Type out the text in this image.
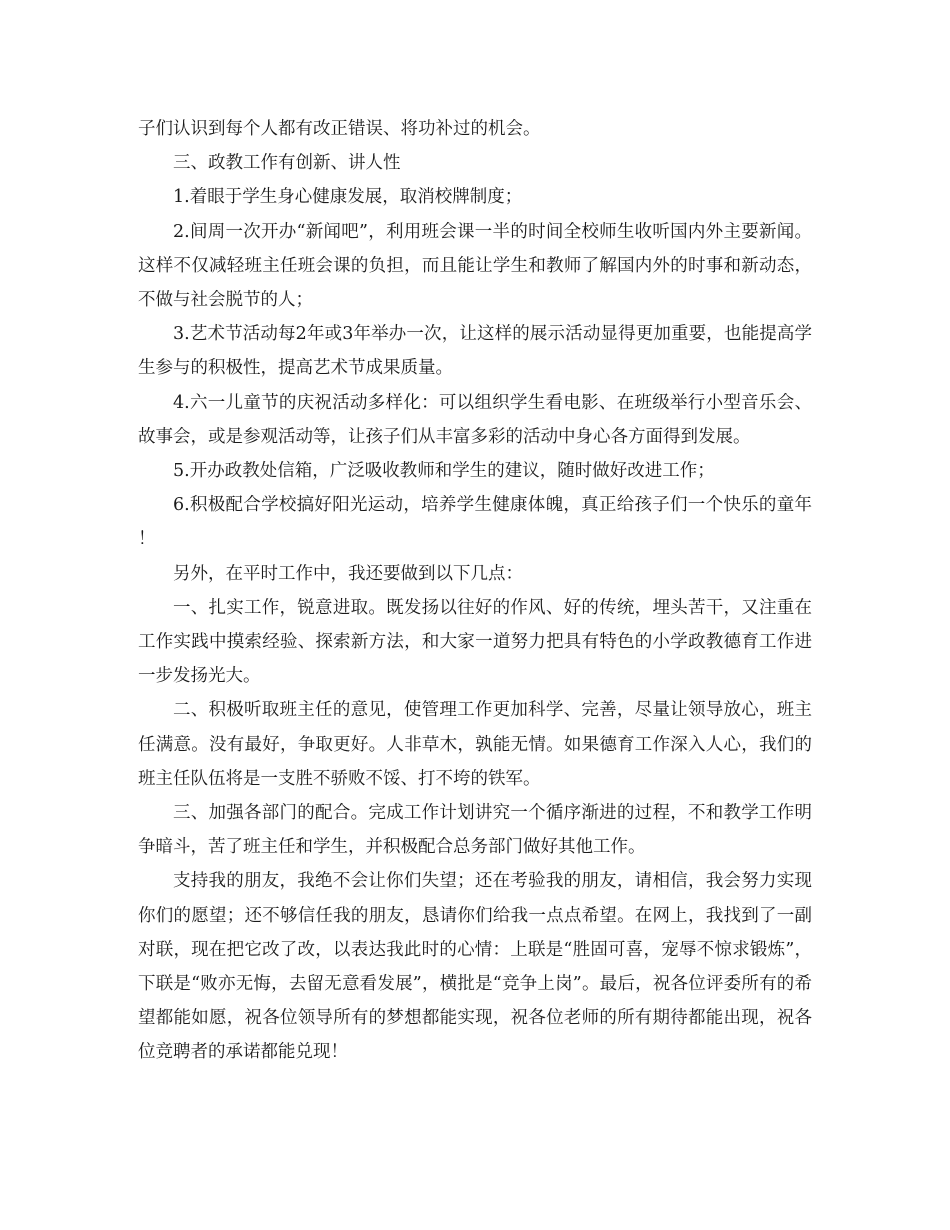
子们认识到每个人都有改正错误、将功补过的机会。

三、政教工作有创新、讲人性

1.着眼于学生身心健康发展，取消校牌制度；

2.间周一次开办“新闻吧”，利用班会课一半的时间全校师生收听国内外主要新闻。这样不仅减轻班主任班会课的负担，而且能让学生和教师了解国内外的时事和新动态，不做与社会脱节的人；

3.艺术节活动每2年或3年举办一次，让这样的展示活动显得更加重要，也能提高学生参与的积极性，提高艺术节成果质量。

4.六一儿童节的庆祝活动多样化：可以组织学生看电影、在班级举行小型音乐会、故事会，或是参观活动等，让孩子们从丰富多彩的活动中身心各方面得到发展。

5.开办政教处信箱，广泛吸收教师和学生的建议，随时做好改进工作；

6.积极配合学校搞好阳光运动，培养学生健康体魄，真正给孩子们一个快乐的童年！

另外，在平时工作中，我还要做到以下几点：

一、扎实工作，锐意进取。既发扬以往好的作风、好的传统，埋头苦干，又注重在工作实践中摸索经验、探索新方法，和大家一道努力把具有特色的小学政教德育工作进一步发扬光大。

二、积极听取班主任的意见，使管理工作更加科学、完善，尽量让领导放心，班主任满意。没有最好，争取更好。人非草木，孰能无情。如果德育工作深入人心，我们的班主任队伍将是一支胜不骄败不馁、打不垮的铁军。

三、加强各部门的配合。完成工作计划讲究一个循序渐进的过程，不和教学工作明争暗斗，苦了班主任和学生，并积极配合总务部门做好其他工作。

支持我的朋友，我绝不会让你们失望；还在考验我的朋友，请相信，我会努力实现你们的愿望；还不够信任我的朋友，恳请你们给我一点点希望。在网上，我找到了一副对联，现在把它改了改，以表达我此时的心情：上联是“胜固可喜，宠辱不惊求锻炼”，下联是“败亦无悔，去留无意看发展”，横批是“竞争上岗”。最后，祝各位评委所有的希望都能如愿，祝各位领导所有的梦想都能实现，祝各位老师的所有期待都能出现，祝各位竞聘者的承诺都能兑现！
